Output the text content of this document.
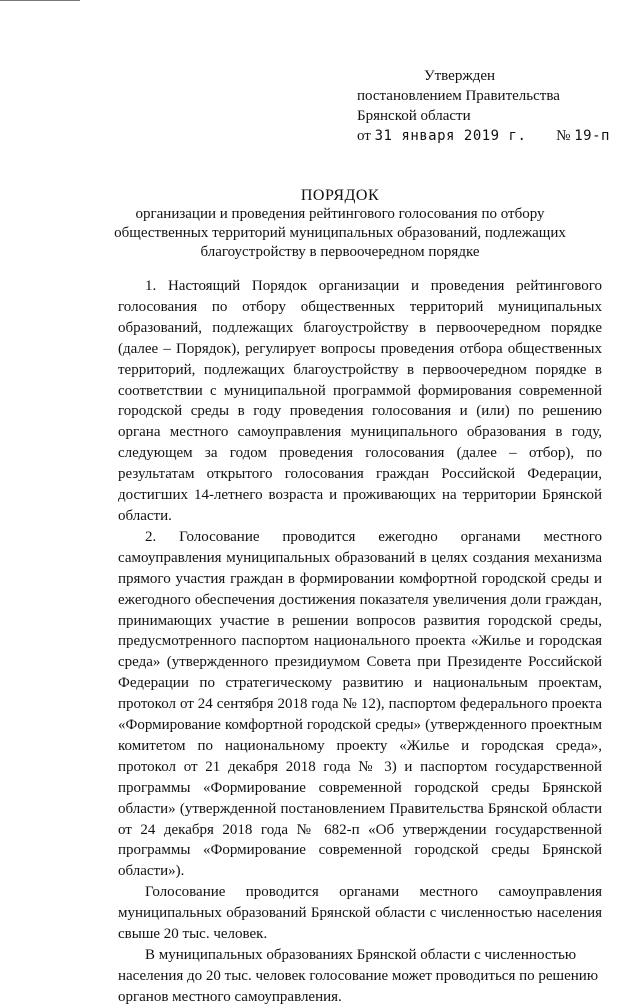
Утвержден
постановлением Правительства
Брянской области
от 31 января 2019 г. № 19-п
ПОРЯДОК
организации и проведения рейтингового голосования по отбору общественных территорий муниципальных образований, подлежащих благоустройству в первоочередном порядке

1. Настоящий Порядок организации и проведения рейтингового голосования по отбору общественных территорий муниципальных образований, подлежащих благоустройству в первоочередном порядке (далее – Порядок), регулирует вопросы проведения отбора общественных территорий, подлежащих благоустройству в первоочередном порядке в соответствии с муниципальной программой формирования современной городской среды в году проведения голосования и (или) по решению органа местного самоуправления муниципального образования в году, следующем за годом проведения голосования (далее – отбор), по результатам открытого голосования граждан Российской Федерации, достигших 14-летнего возраста и проживающих на территории Брянской области.

2. Голосование проводится ежегодно органами местного самоуправления муниципальных образований в целях создания механизма прямого участия граждан в формировании комфортной городской среды и ежегодного обеспечения достижения показателя увеличения доли граждан, принимающих участие в решении вопросов развития городской среды, предусмотренного паспортом национального проекта «Жилье и городская среда» (утвержденного президиумом Совета при Президенте Российской Федерации по стратегическому развитию и национальным проектам, протокол от 24 сентября 2018 года № 12), паспортом федерального проекта «Формирование комфортной городской среды» (утвержденного проектным комитетом по национальному проекту «Жилье и городская среда», протокол от 21 декабря 2018 года № 3) и паспортом государственной программы «Формирование современной городской среды Брянской области» (утвержденной постановлением Правительства Брянской области от 24 декабря 2018 года № 682-п «Об утверждении государственной программы «Формирование современной городской среды Брянской области»).

Голосование проводится органами местного самоуправления муниципальных образований Брянской области с численностью населения свыше 20 тыс. человек.

В муниципальных образованиях Брянской области с численностью населения до 20 тыс. человек голосование может проводиться по решению органов местного самоуправления.
